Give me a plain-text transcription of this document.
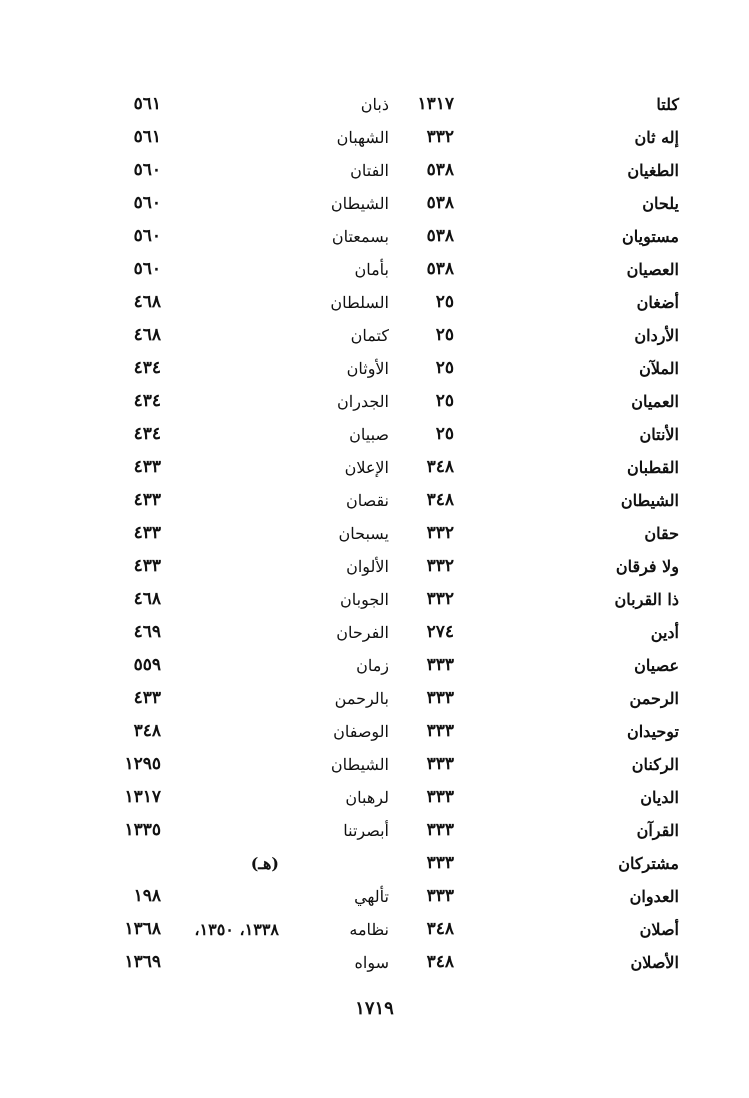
كلتا
١٣١٧
ذبان
٥٦١
إله ثان
٣٣٢
الشهبان
٥٦١
الطغيان
٥٣٨
الفتان
٥٦٠
يلحان
٥٣٨
الشيطان
٥٦٠
مستويان
٥٣٨
بسمعتان
٥٦٠
العصيان
٥٣٨
بأمان
٥٦٠
أضغان
٢٥
السلطان
٤٦٨
الأردان
٢٥
كتمان
٤٦٨
الملآن
٢٥
الأوثان
٤٣٤
العميان
٢٥
الجدران
٤٣٤
الأنتان
٢٥
صبيان
٤٣٤
القطبان
٣٤٨
الإعلان
٤٣٣
الشيطان
٣٤٨
نقصان
٤٣٣
حقان
٣٣٢
يسبحان
٤٣٣
ولا فرقان
٣٣٢
الألوان
٤٣٣
ذا القربان
٣٣٢
الجوبان
٤٦٨
أدين
٢٧٤
الفرحان
٤٦٩
عصيان
٣٣٣
زمان
٥٥٩
الرحمن
٣٣٣
بالرحمن
٤٣٣
توحيدان
٣٣٣
الوصفان
٣٤٨
الركنان
٣٣٣
الشيطان
١٢٩٥
الديان
٣٣٣
لرهبان
١٣١٧
القرآن
٣٣٣
أبصرتنا
١٣٣٥
مشتركان
٣٣٣
(هـ)
العدوان
٣٣٣
تألهي
١٩٨
أصلان
٣٤٨
نظامه
١٣٣٨، ١٣٥٠،
١٣٦٨
الأصلان
٣٤٨
سواه
١٣٦٩
١٧١٩
